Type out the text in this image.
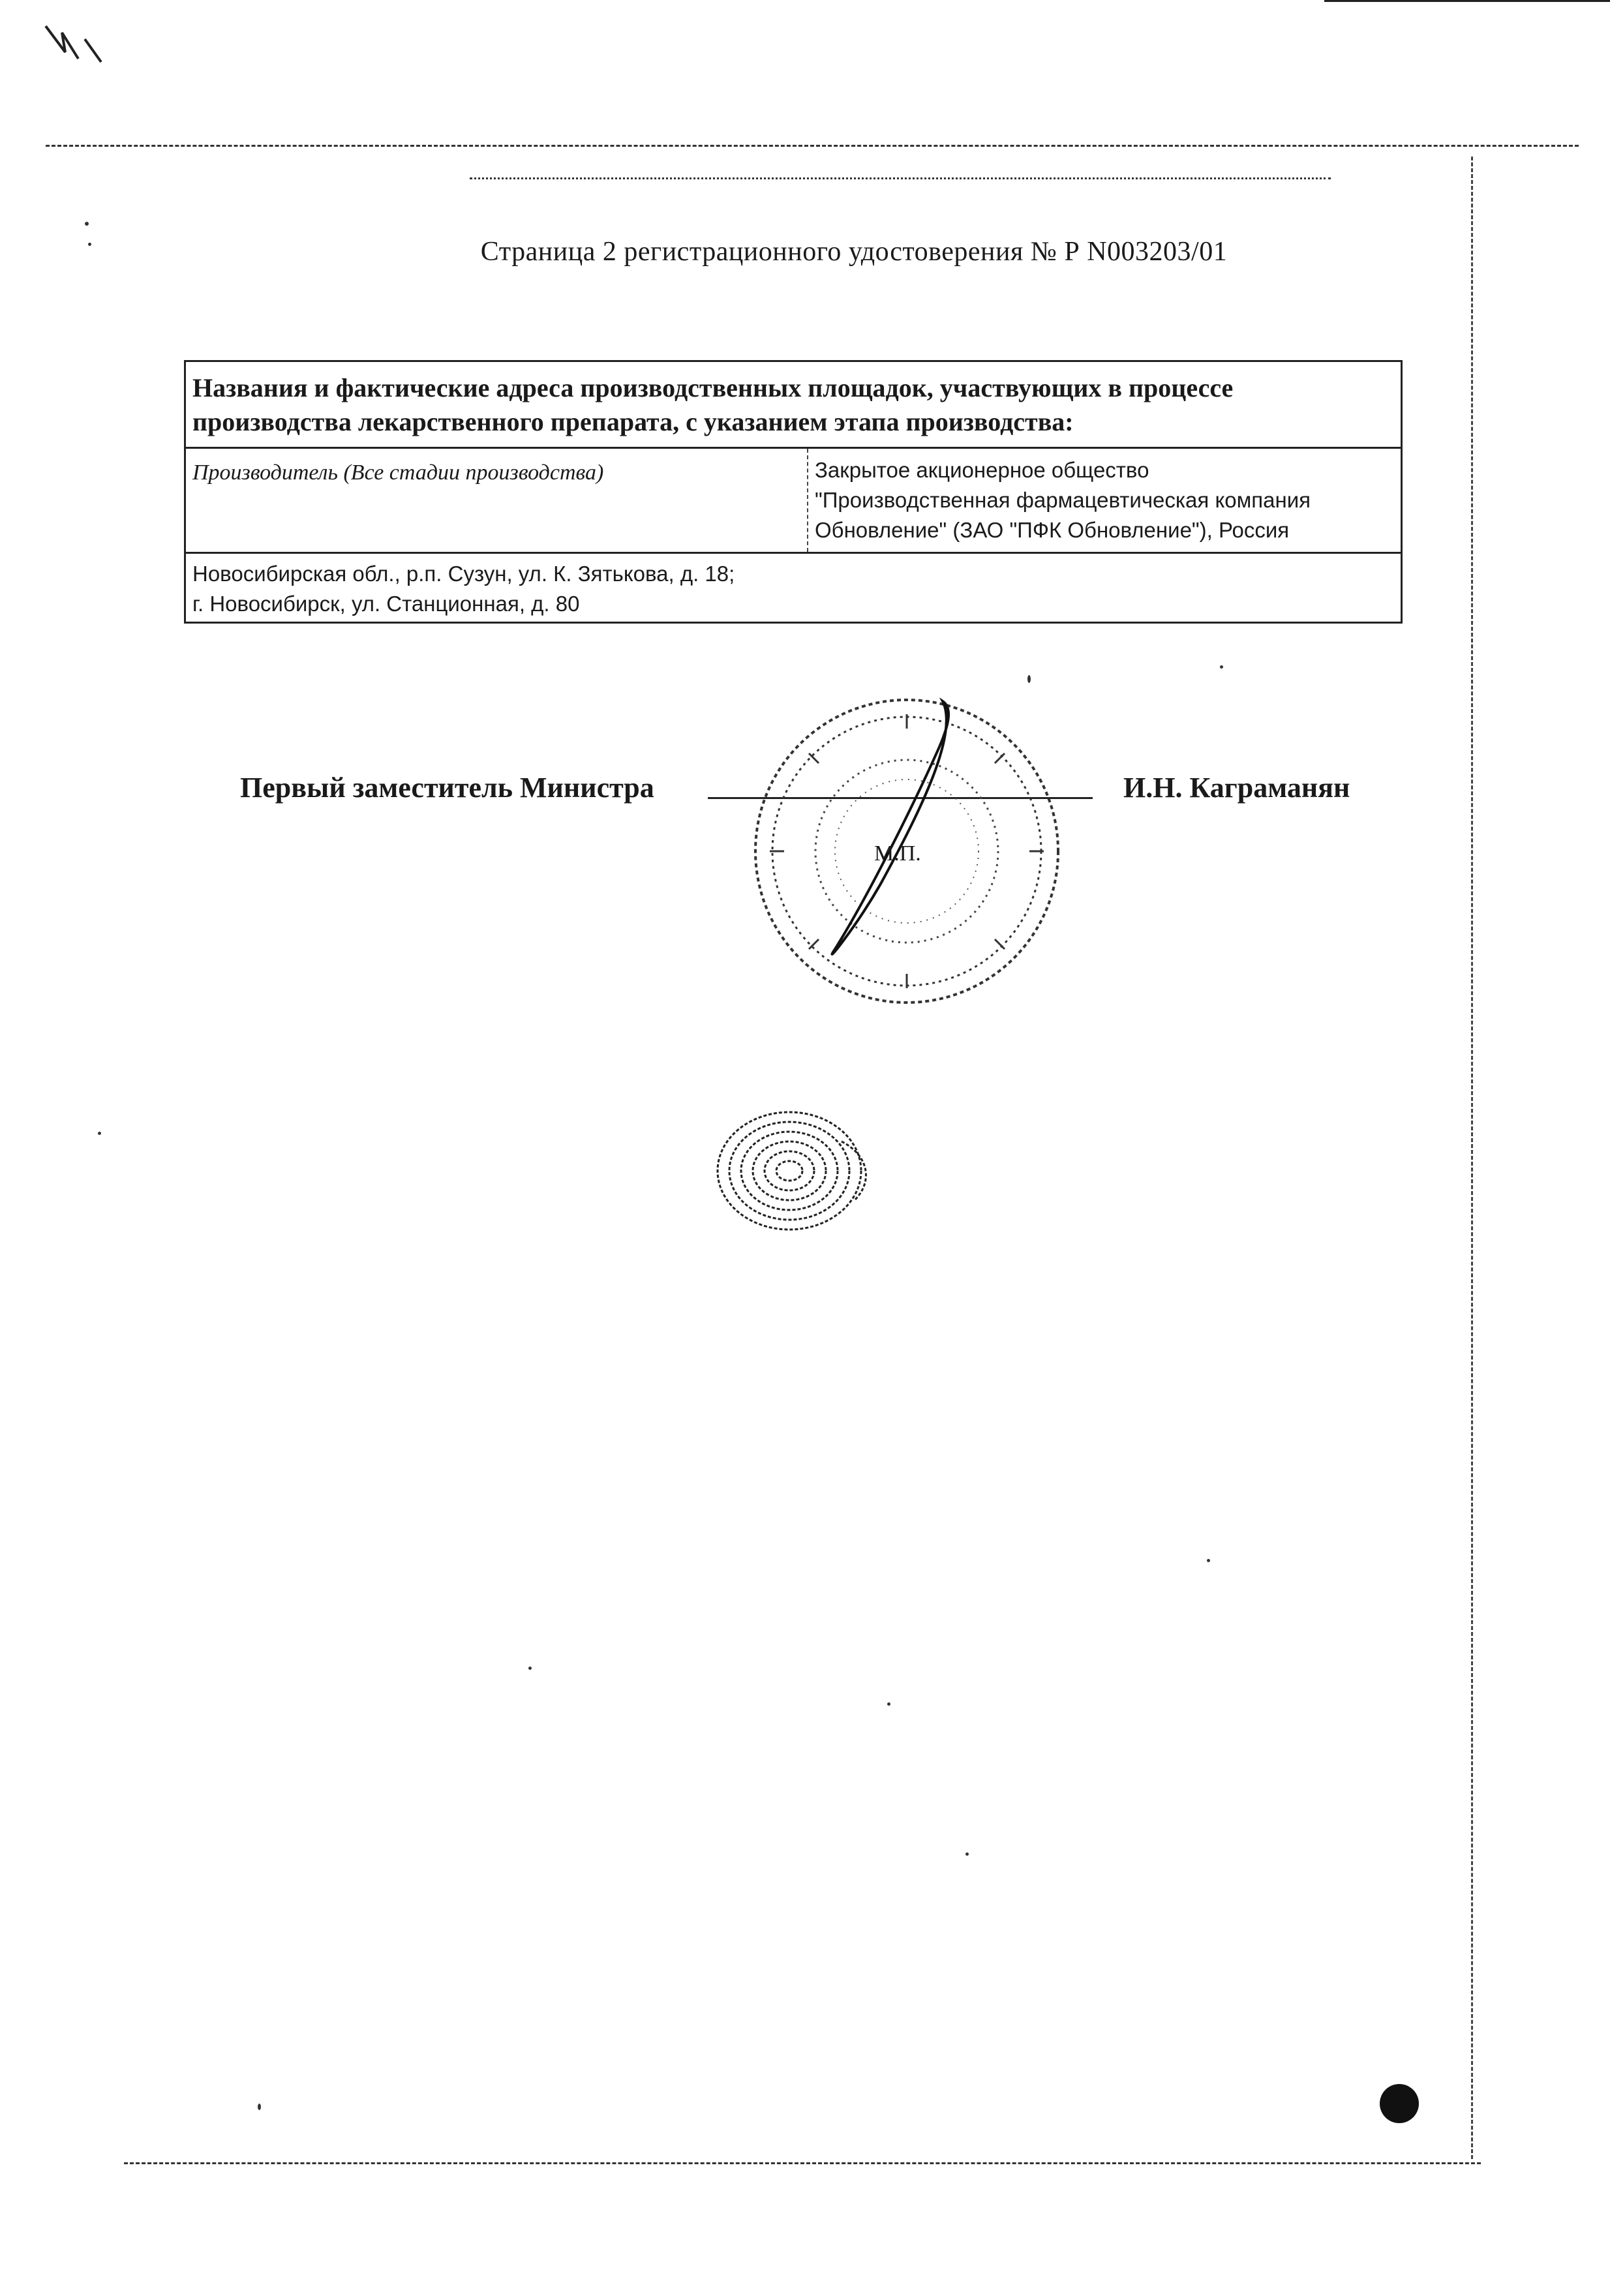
Страница 2 регистрационного удостоверения № Р N003203/01
Названия и фактические адреса производственных площадок, участвующих в процессе производства лекарственного препарата, с указанием этапа производства:
Производитель (Все стадии производства)	Закрытое акционерное общество
"Производственная фармацевтическая компания
Обновление" (ЗАО "ПФК Обновление"), Россия

Новосибирская обл., р.п. Сузун, ул. К. Зятькова, д. 18;
г. Новосибирск, ул. Станционная, д. 80
Первый заместитель Министра	И.Н. Каграманян
М.П.
